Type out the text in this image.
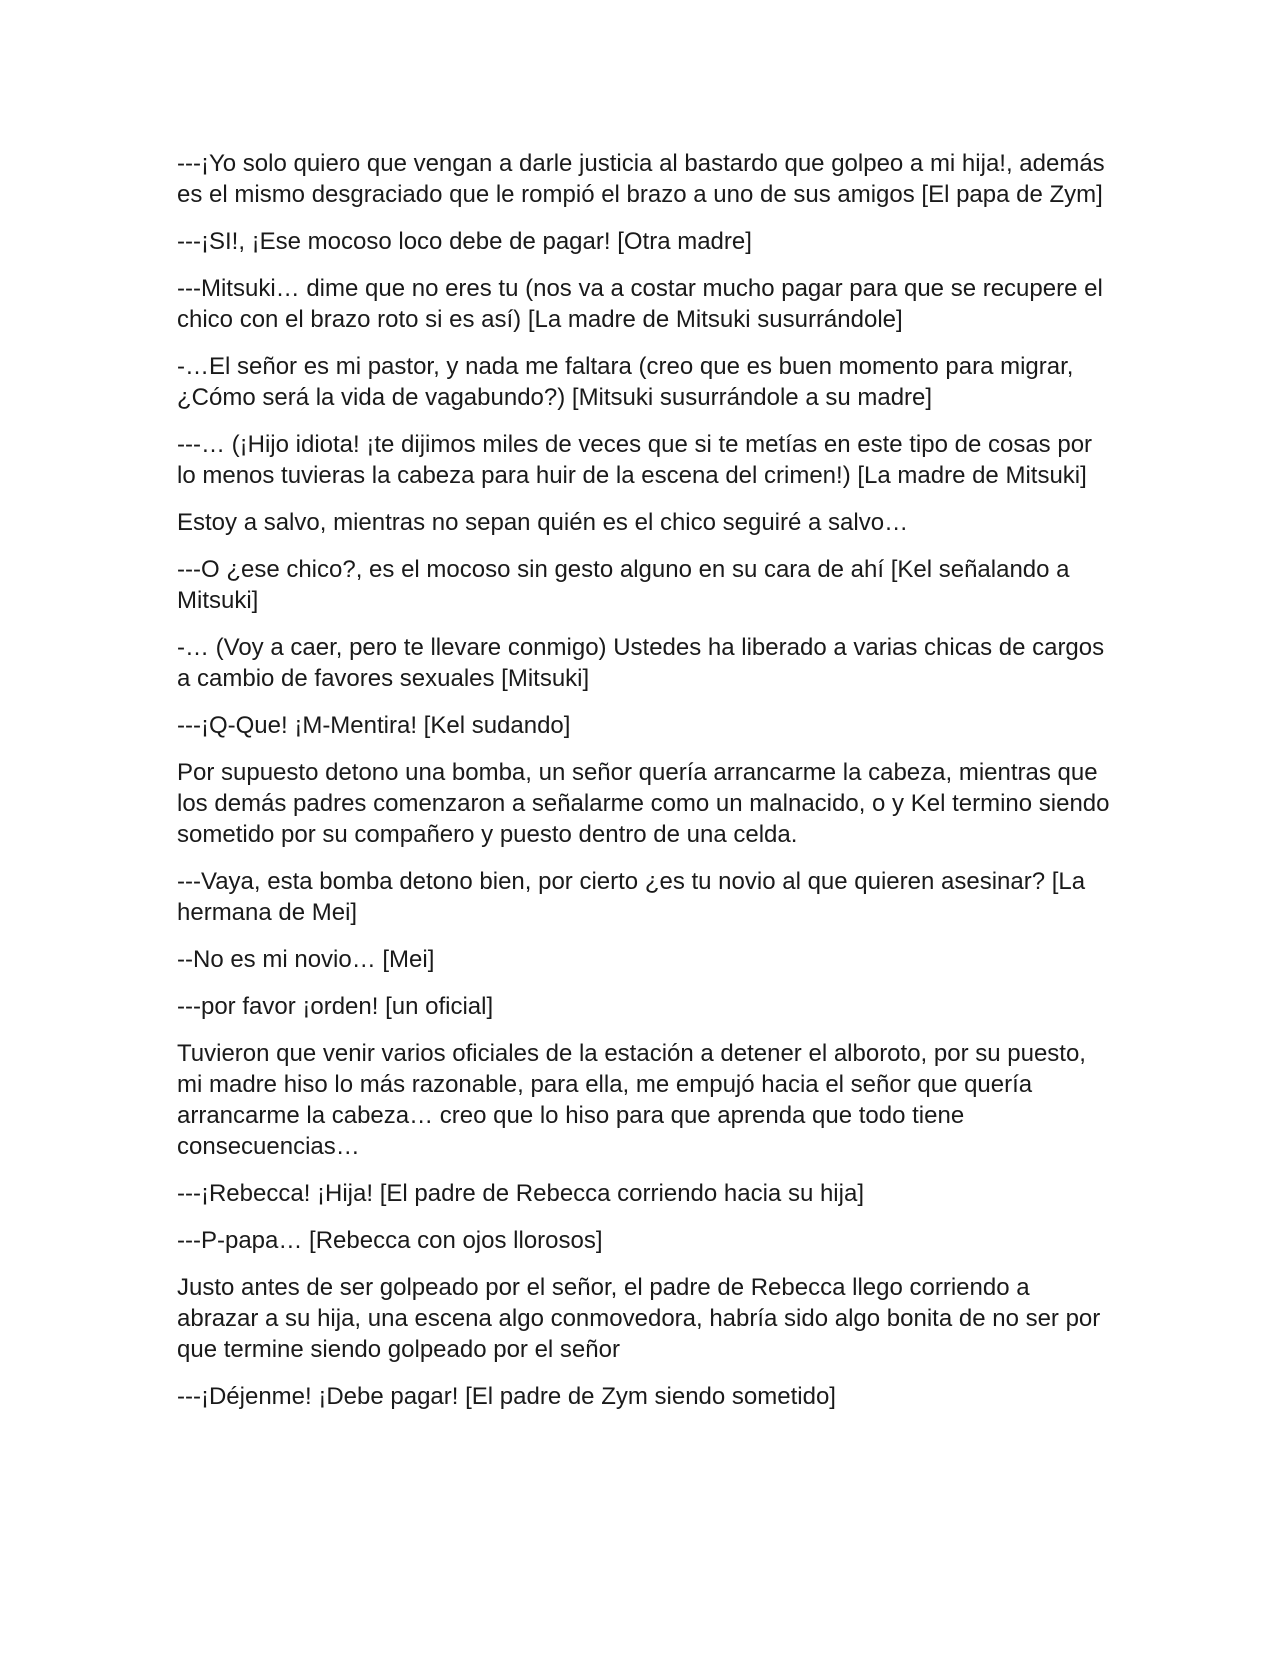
---¡Yo solo quiero que vengan a darle justicia al bastardo que golpeo a mi hija!, además es el mismo desgraciado que le rompió el brazo a uno de sus amigos [El papa de Zym]

---¡SI!, ¡Ese mocoso loco debe de pagar! [Otra madre]

---Mitsuki… dime que no eres tu (nos va a costar mucho pagar para que se recupere el chico con el brazo roto si es así) [La madre de Mitsuki susurrándole]

-…El señor es mi pastor, y nada me faltara (creo que es buen momento para migrar, ¿Cómo será la vida de vagabundo?) [Mitsuki susurrándole a su madre]

---… (¡Hijo idiota! ¡te dijimos miles de veces que si te metías en este tipo de cosas por lo menos tuvieras la cabeza para huir de la escena del crimen!) [La madre de Mitsuki]

Estoy a salvo, mientras no sepan quién es el chico seguiré a salvo…

---O ¿ese chico?, es el mocoso sin gesto alguno en su cara de ahí [Kel señalando a Mitsuki]

-… (Voy a caer, pero te llevare conmigo) Ustedes ha liberado a varias chicas de cargos a cambio de favores sexuales [Mitsuki]

---¡Q-Que! ¡M-Mentira! [Kel sudando]

Por supuesto detono una bomba, un señor quería arrancarme la cabeza, mientras que los demás padres comenzaron a señalarme como un malnacido, o y Kel termino siendo sometido por su compañero y puesto dentro de una celda.

---Vaya, esta bomba detono bien, por cierto ¿es tu novio al que quieren asesinar? [La hermana de Mei]

--No es mi novio… [Mei]

---por favor ¡orden! [un oficial]

Tuvieron que venir varios oficiales de la estación a detener el alboroto, por su puesto, mi madre hiso lo más razonable, para ella, me empujó hacia el señor que quería arrancarme la cabeza… creo que lo hiso para que aprenda que todo tiene consecuencias…

---¡Rebecca! ¡Hija! [El padre de Rebecca corriendo hacia su hija]

---P-papa… [Rebecca con ojos llorosos]

Justo antes de ser golpeado por el señor, el padre de Rebecca llego corriendo a abrazar a su hija, una escena algo conmovedora, habría sido algo bonita de no ser por que termine siendo golpeado por el señor

---¡Déjenme! ¡Debe pagar! [El padre de Zym siendo sometido]
